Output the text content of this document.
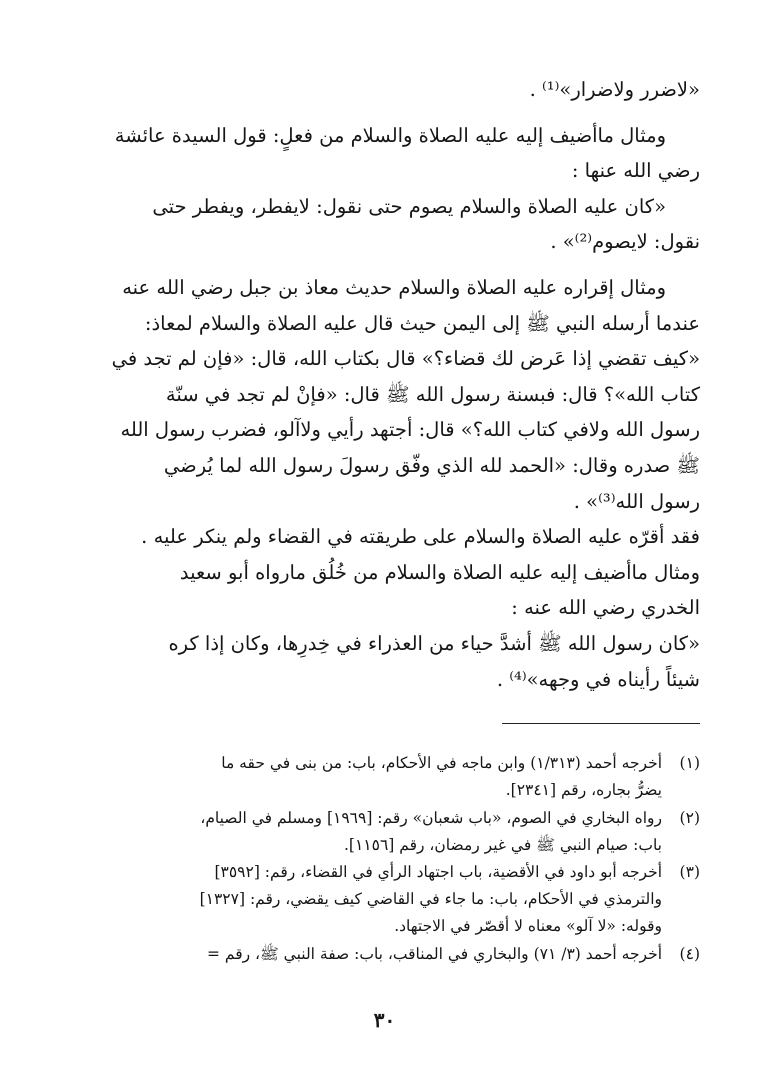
«لاضرر ولاضرار»⁽¹⁾ .

ومثال ماأضيف إليه عليه الصلاة والسلام من فعلٍ: قول السيدة عائشة
رضي الله عنها :

«كان عليه الصلاة والسلام يصوم حتى نقول: لايفطر، ويفطر حتى
نقول: لايصوم⁽²⁾» .

ومثال إقراره عليه الصلاة والسلام حديث معاذ بن جبل رضي الله عنه
عندما أرسله النبي ﷺ إلى اليمن حيث قال عليه الصلاة والسلام لمعاذ:
«كيف تقضي إذا عَرض لك قضاء؟» قال بكتاب الله، قال: «فإن لم تجد في
كتاب الله»؟ قال: فبسنة رسول الله ﷺ قال: «فإنْ لم تجد في سنّة
رسول الله ولافي كتاب الله؟» قال: أجتهد رأيي ولاآلو، فضرب رسول الله
ﷺ صدره وقال: «الحمد لله الذي وفّق رسولَ رسول الله لما يُرضي
رسول الله⁽³⁾» .

فقد أقرّه عليه الصلاة والسلام على طريقته في القضاء ولم ينكر عليه .

ومثال ماأضيف إليه عليه الصلاة والسلام من خُلُق مارواه أبو سعيد
الخدري رضي الله عنه :

«كان رسول الله ﷺ أشدَّ حياء من العذراء في خِدرِها، وكان إذا كره
شيئاً رأيناه في وجهه»⁽⁴⁾ .

(١)
أخرجه أحمد (١/٣١٣) وابن ماجه في الأحكام، باب: من بنى في حقه ما
يضرُّ بجاره، رقم [٢٣٤١].
(٢)
رواه البخاري في الصوم، «باب شعبان» رقم: [١٩٦٩] ومسلم في الصيام،
باب: صيام النبي ﷺ في غير رمضان، رقم [١١٥٦].
(٣)
أخرجه أبو داود في الأقضية، باب اجتهاد الرأي في القضاء، رقم: [٣٥٩٢]
والترمذي في الأحكام، باب: ما جاء في القاضي كيف يقضي، رقم: [١٣٢٧]
وقوله: «لا آلو» معناه لا أقصّر في الاجتهاد.
(٤)
أخرجه أحمد (٣/ ٧١) والبخاري في المناقب، باب: صفة النبي ﷺ، رقم =
٣٠
